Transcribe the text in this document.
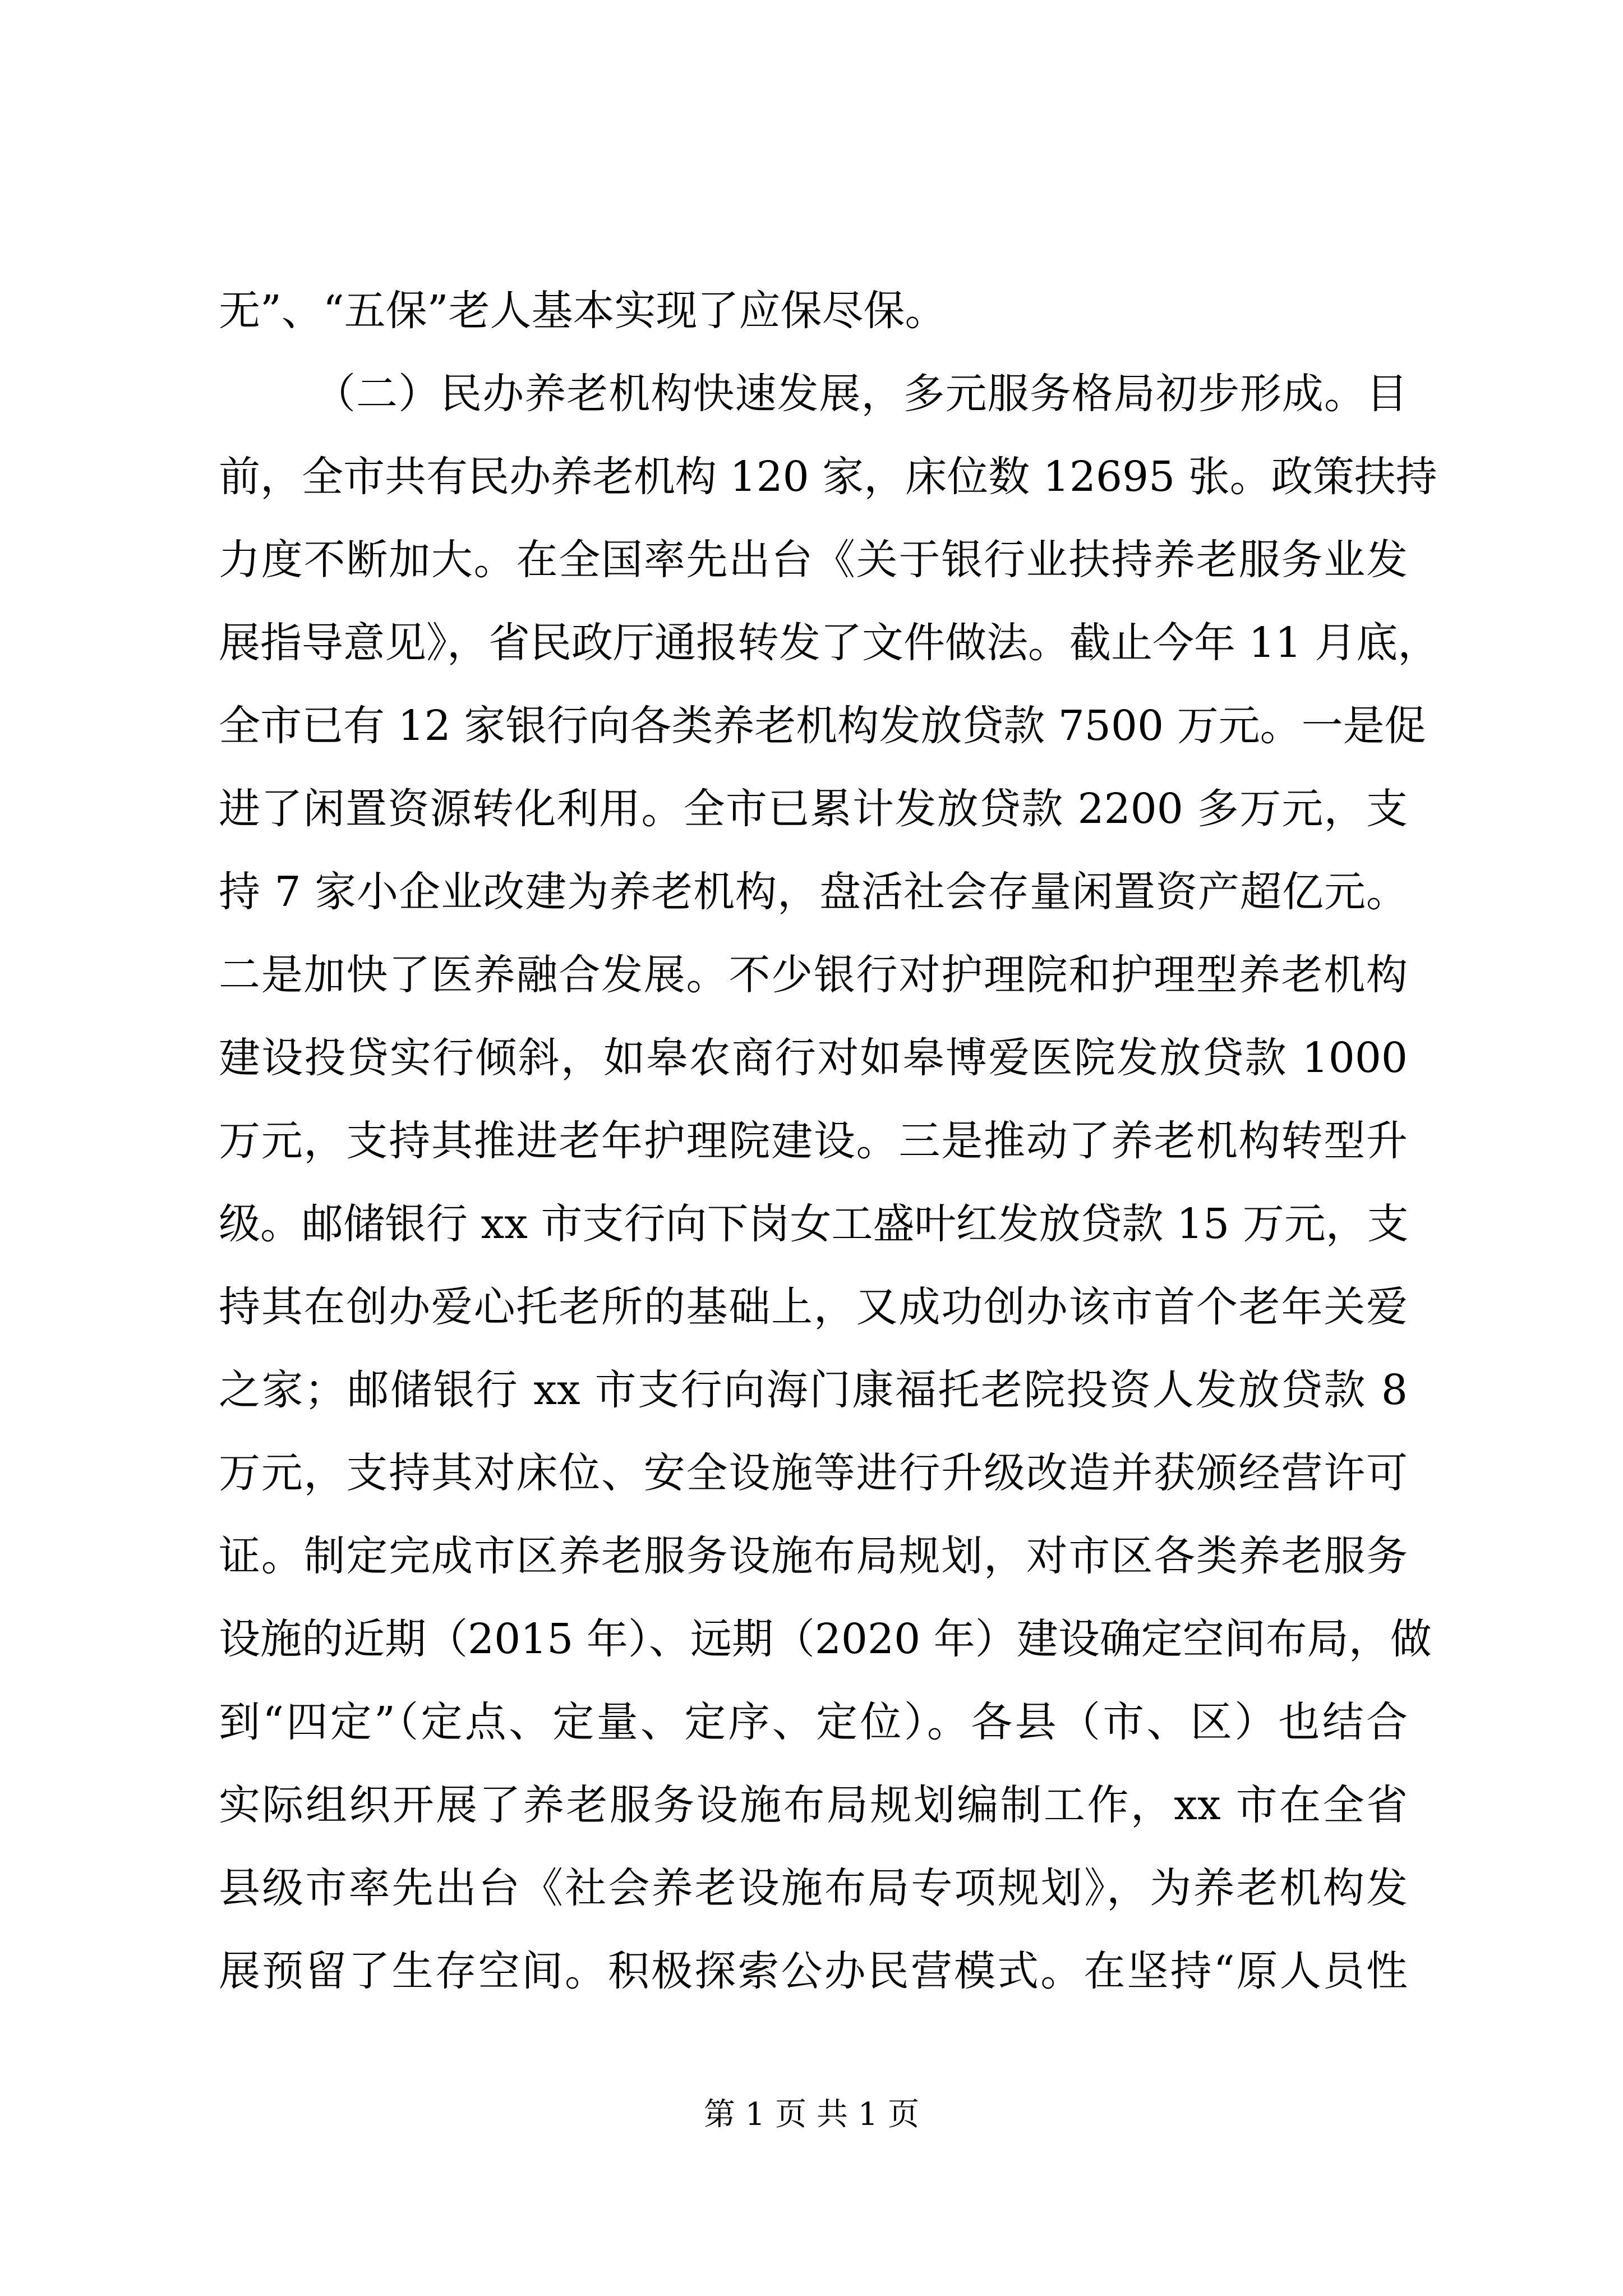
无”、“五保”老人基本实现了应保尽保。
（二）民办养老机构快速发展，多元服务格局初步形成。目
前，全市共有民办养老机构 120 家，床位数 12695 张。政策扶持
力度不断加大。在全国率先出台《关于银行业扶持养老服务业发
展指导意见》，省民政厅通报转发了文件做法。截止今年 11 月底，
全市已有 12 家银行向各类养老机构发放贷款 7500 万元。一是促
进了闲置资源转化利用。全市已累计发放贷款 2200 多万元，支
持 7 家小企业改建为养老机构，盘活社会存量闲置资产超亿元。
二是加快了医养融合发展。不少银行对护理院和护理型养老机构
建设投贷实行倾斜，如皋农商行对如皋博爱医院发放贷款 1000
万元，支持其推进老年护理院建设。三是推动了养老机构转型升
级。邮储银行 xx 市支行向下岗女工盛叶红发放贷款 15 万元，支
持其在创办爱心托老所的基础上，又成功创办该市首个老年关爱
之家；邮储银行 xx 市支行向海门康福托老院投资人发放贷款 8
万元，支持其对床位、安全设施等进行升级改造并获颁经营许可
证。制定完成市区养老服务设施布局规划，对市区各类养老服务
设施的近期（2015 年）、远期（2020 年）建设确定空间布局，做
到“四定”（定点、定量、定序、定位）。各县（市、区）也结合
实际组织开展了养老服务设施布局规划编制工作，xx 市在全省
县级市率先出台《社会养老设施布局专项规划》，为养老机构发
展预留了生存空间。积极探索公办民营模式。在坚持“原人员性
第 1 页 共 1 页
